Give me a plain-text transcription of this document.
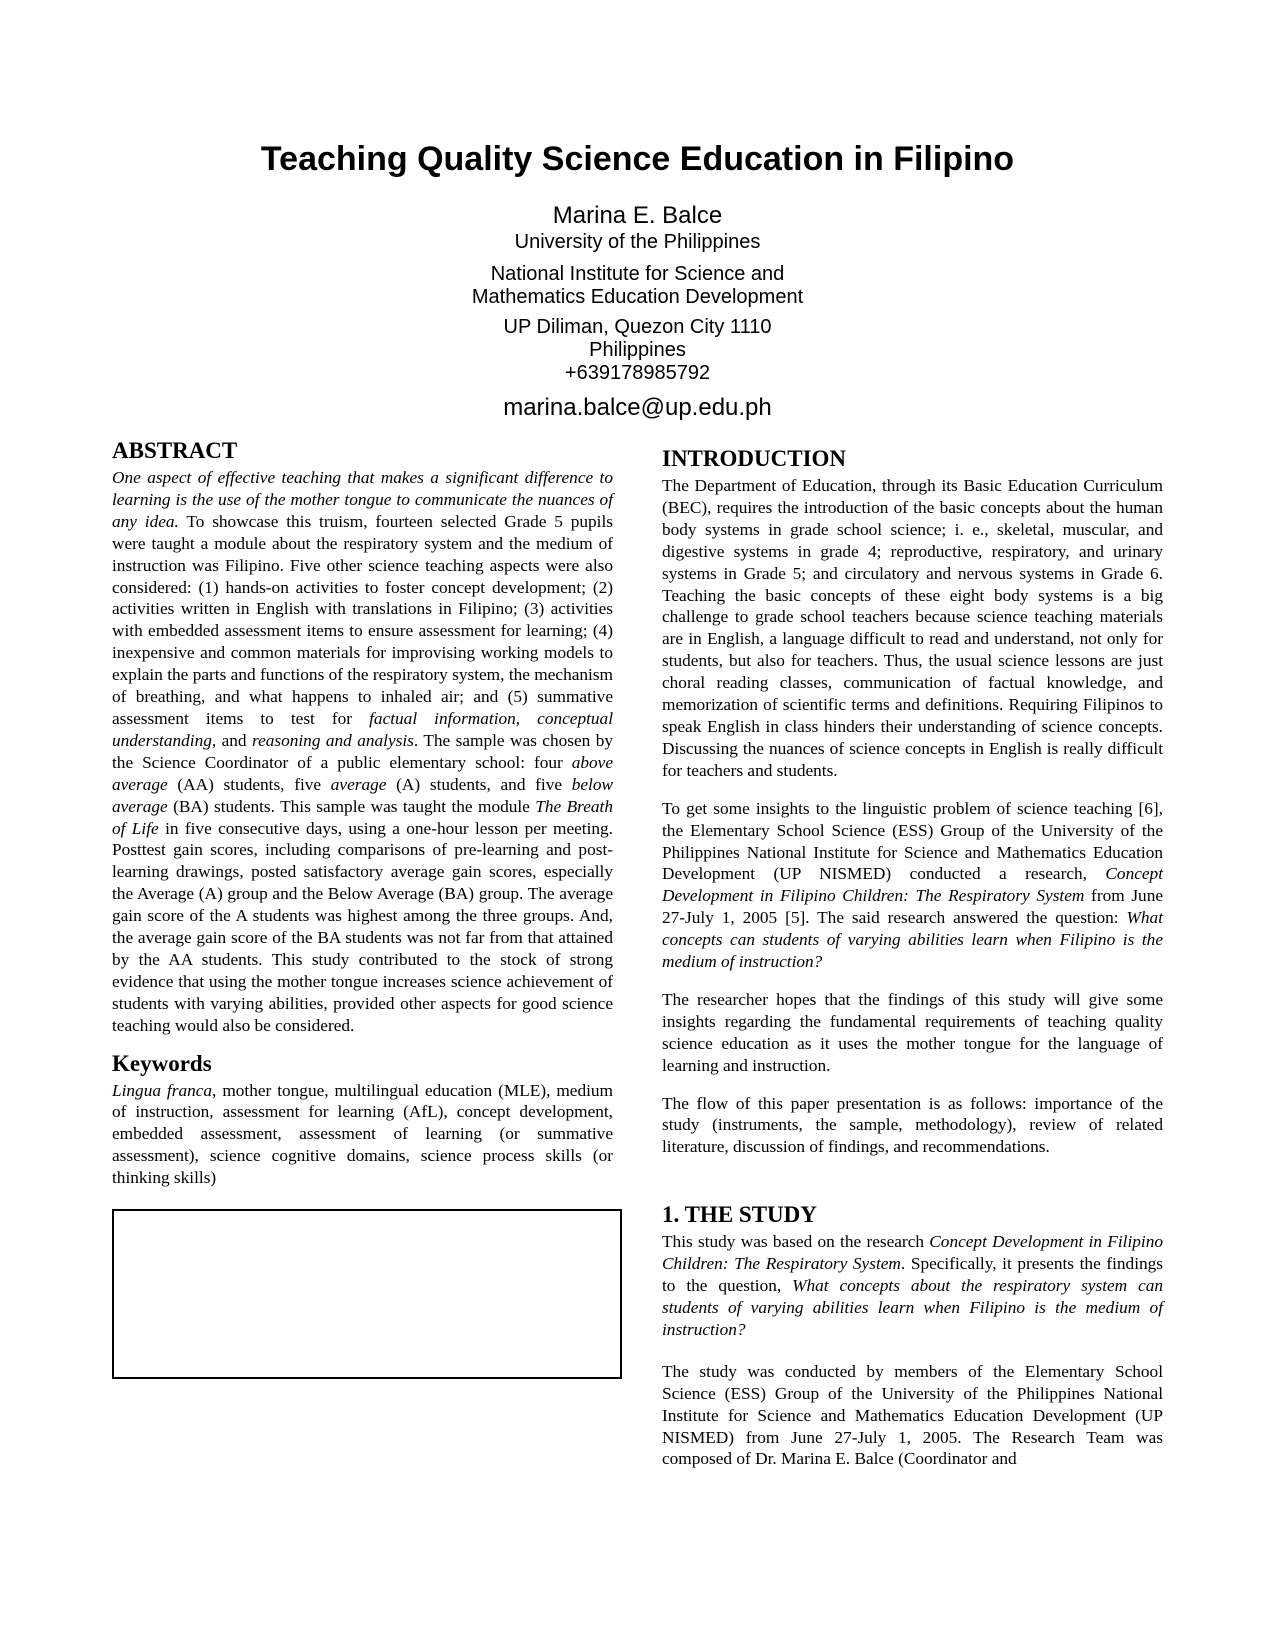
Teaching Quality Science Education in Filipino
Marina E. Balce
University of the Philippines
National Institute for Science and
Mathematics Education Development
UP Diliman, Quezon City 1110
Philippines
+639178985792
marina.balce@up.edu.ph
ABSTRACT

One aspect of effective teaching that makes a significant difference to learning is the use of the mother tongue to communicate the nuances of any idea. To showcase this truism, fourteen selected Grade 5 pupils were taught a module about the respiratory system and the medium of instruction was Filipino. Five other science teaching aspects were also considered: (1) hands-on activities to foster concept development; (2) activities written in English with translations in Filipino; (3) activities with embedded assessment items to ensure assessment for learning; (4) inexpensive and common materials for improvising working models to explain the parts and functions of the respiratory system, the mechanism of breathing, and what happens to inhaled air; and (5) summative assessment items to test for factual information, conceptual understanding, and reasoning and analysis. The sample was chosen by the Science Coordinator of a public elementary school: four above average (AA) students, five average (A) students, and five below average (BA) students. This sample was taught the module The Breath of Life in five consecutive days, using a one-hour lesson per meeting. Posttest gain scores, including comparisons of pre-learning and post-learning drawings, posted satisfactory average gain scores, especially the Average (A) group and the Below Average (BA) group. The average gain score of the A students was highest among the three groups. And, the average gain score of the BA students was not far from that attained by the AA students. This study contributed to the stock of strong evidence that using the mother tongue increases science achievement of students with varying abilities, provided other aspects for good science teaching would also be considered.

Keywords

Lingua franca, mother tongue, multilingual education (MLE), medium of instruction, assessment for learning (AfL), concept development, embedded assessment, assessment of learning (or summative assessment), science cognitive domains, science process skills (or thinking skills)

INTRODUCTION

The Department of Education, through its Basic Education Curriculum (BEC), requires the introduction of the basic concepts about the human body systems in grade school science; i. e., skeletal, muscular, and digestive systems in grade 4; reproductive, respiratory, and urinary systems in Grade 5; and circulatory and nervous systems in Grade 6. Teaching the basic concepts of these eight body systems is a big challenge to grade school teachers because science teaching materials are in English, a language difficult to read and understand, not only for students, but also for teachers. Thus, the usual science lessons are just choral reading classes, communication of factual knowledge, and memorization of scientific terms and definitions. Requiring Filipinos to speak English in class hinders their understanding of science concepts. Discussing the nuances of science concepts in English is really difficult for teachers and students.

To get some insights to the linguistic problem of science teaching [6], the Elementary School Science (ESS) Group of the University of the Philippines National Institute for Science and Mathematics Education Development (UP NISMED) conducted a research, Concept Development in Filipino Children: The Respiratory System from June 27-July 1, 2005 [5]. The said research answered the question: What concepts can students of varying abilities learn when Filipino is the medium of instruction?

The researcher hopes that the findings of this study will give some insights regarding the fundamental requirements of teaching quality science education as it uses the mother tongue for the language of learning and instruction.

The flow of this paper presentation is as follows: importance of the study (instruments, the sample, methodology), review of related literature, discussion of findings, and recommendations.

1. THE STUDY

This study was based on the research Concept Development in Filipino Children: The Respiratory System. Specifically, it presents the findings to the question, What concepts about the respiratory system can students of varying abilities learn when Filipino is the medium of instruction?

The study was conducted by members of the Elementary School Science (ESS) Group of the University of the Philippines National Institute for Science and Mathematics Education Development (UP NISMED) from June 27-July 1, 2005. The Research Team was composed of Dr. Marina E. Balce (Coordinator and
